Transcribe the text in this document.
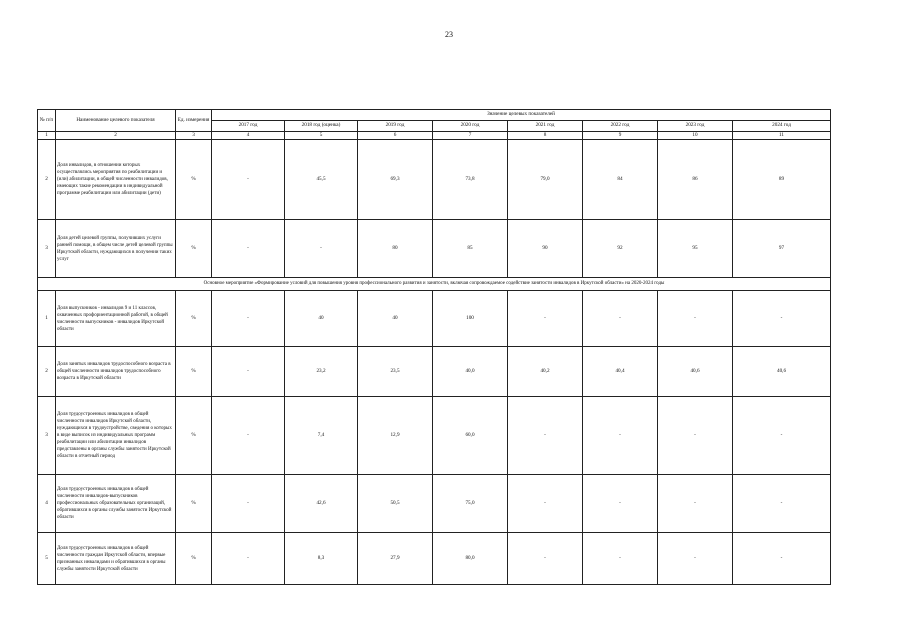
23
№ п/п	Наименование целевого показателя	Ед. измерения	Значение целевых показателей							
			2017 год	2018 год (оценка)	2019 год	2020 год	2021 год	2022 год	2023 год	2024 год
1	2	3	4	5	6	7	8	9	10	11
2	Доля инвалидов, в отношении которых осуществлялись мероприятия по реабилитации и (или) абилитации, в общей численности инвалидов, имеющих такие рекомендации в индивидуальной программе реабилитации или абилитации (дети)	%	-	45,5	69,3	73,8	79,0	84	86	89
3	Доля детей целевой группы, получивших услуги ранней помощи, в общем числе детей целевой группы Иркутской области, нуждающихся в получении таких услуг	%	-	-	80	85	90	92	95	97
Основное мероприятие «Формирование условий для повышения уровня профессионального развития и занятости, включая сопровождаемое содействие занятости инвалидов в Иркутской области» на 2020-2024 годы										
1	Доля выпускников - инвалидов 9 и 11 классов, охваченных профориентационной работой, в общей численности выпускников - инвалидов Иркутской области	%	-	40	40	100	-	-	-	-
2	Доля занятых инвалидов трудоспособного возраста в общей численности инвалидов трудоспособного возраста в Иркутской области	%	-	23,2	23,5	40,0	40,2	40,4	40,6	40,6
3	Доля трудоустроенных инвалидов в общей численности инвалидов Иркутской области, нуждающихся в трудоустройстве, сведения о которых в виде выписок из индивидуальных программ реабилитации или абилитации инвалидов представлены в органы службы занятости Иркутской области в отчетный период	%	-	7,4	12,9	60,0	-	-	-	-
4	Доля трудоустроенных инвалидов в общей численности инвалидов-выпускников профессиональных образовательных организаций, обратившихся в органы службы занятости Иркутской области	%	-	42,6	50,5	75,0	-	-	-	-
5	Доля трудоустроенных инвалидов в общей численности граждан Иркутской области, впервые признанных инвалидами и обратившихся в органы службы занятости Иркутской области	%	-	8,3	27,9	80,0	-	-	-	-
